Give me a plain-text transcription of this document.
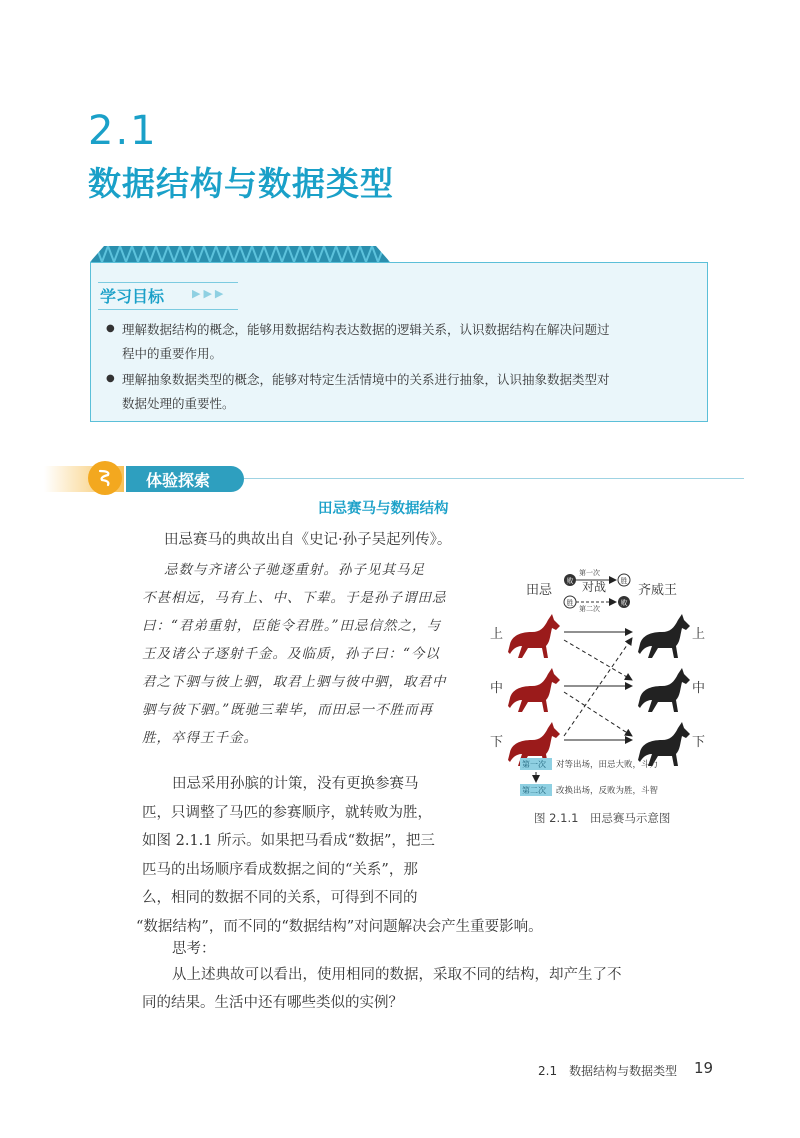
2.1
数据结构与数据类型
学习目标	▶▶▶
● 理解数据结构的概念，能够用数据结构表达数据的逻辑关系，认识数据结构在解决问题过
程中的重要作用。
● 理解抽象数据类型的概念，能够对特定生活情境中的关系进行抽象，认识抽象数据类型对
数据处理的重要性。
体验探索
田忌赛马与数据结构
田忌赛马的典故出自《史记·孙子吴起列传》。
忌数与齐诸公子驰逐重射。孙子见其马足
不甚相远，马有上、中、下辈。于是孙子谓田忌
曰：“君弟重射，臣能令君胜。”田忌信然之，与
王及诸公子逐射千金。及临质，孙子曰：“今以
君之下驷与彼上驷，取君上驷与彼中驷，取君中
驷与彼下驷。”既驰三辈毕，而田忌一不胜而再
胜，卒得王千金。
田忌采用孙膑的计策，没有更换参赛马
匹，只调整了马匹的参赛顺序，就转败为胜，
如图 2.1.1 所示。如果把马看成“数据”，把三
匹马的出场顺序看成数据之间的“关系”，那
么，相同的数据不同的关系，可得到不同的
“数据结构”，而不同的“数据结构”对问题解决会产生重要影响。
思考：
从上述典故可以看出，使用相同的数据，采取不同的结构，却产生了不
同的结果。生活中还有哪些类似的实例？
田忌	齐威王
对战
第一次
第二次
败	胜
胜	败
上
中
下
上
中
下
第一次 对等出场，田忌大败，斗力
第二次 改换出场，反败为胜，斗智
图 2.1.1　田忌赛马示意图
2.1　数据结构与数据类型 19
